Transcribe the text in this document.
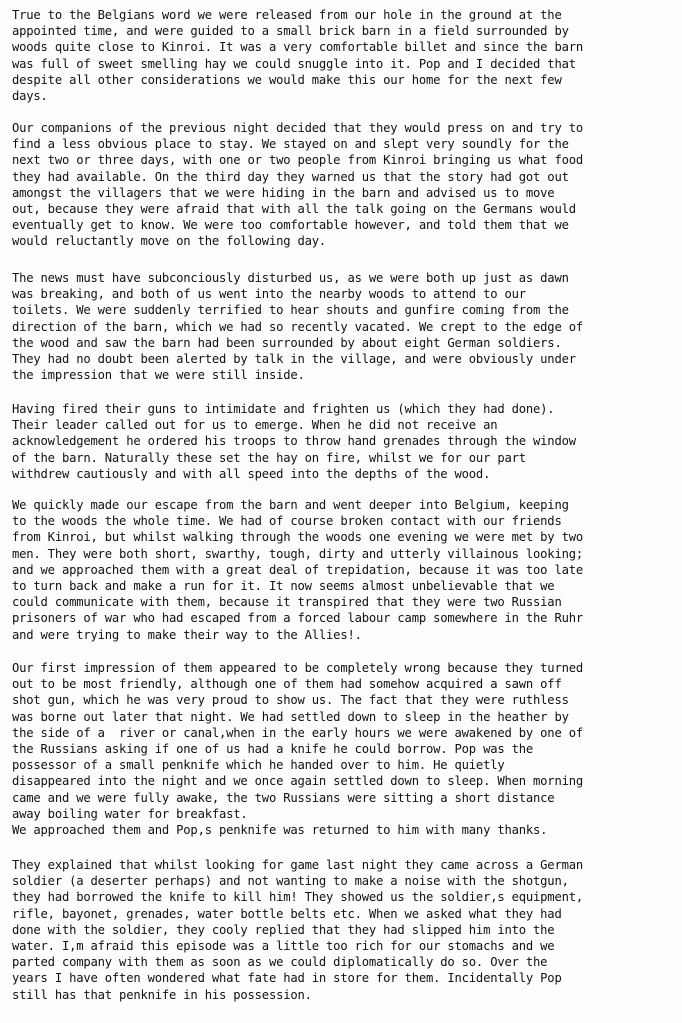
True to the Belgians word we were released from our hole in the ground at the
appointed time, and were guided to a small brick barn in a field surrounded by
woods quite close to Kinroi. It was a very comfortable billet and since the barn
was full of sweet smelling hay we could snuggle into it. Pop and I decided that
despite all other considerations we would make this our home for the next few
days.

Our companions of the previous night decided that they would press on and try to
find a less obvious place to stay. We stayed on and slept very soundly for the
next two or three days, with one or two people from Kinroi bringing us what food
they had available. On the third day they warned us that the story had got out
amongst the villagers that we were hiding in the barn and advised us to move
out, because they were afraid that with all the talk going on the Germans would
eventually get to know. We were too comfortable however, and told them that we
would reluctantly move on the following day.

The news must have subconciously disturbed us, as we were both up just as dawn
was breaking, and both of us went into the nearby woods to attend to our
toilets. We were suddenly terrified to hear shouts and gunfire coming from the
direction of the barn, which we had so recently vacated. We crept to the edge of
the wood and saw the barn had been surrounded by about eight German soldiers.
They had no doubt been alerted by talk in the village, and were obviously under
the impression that we were still inside.

Having fired their guns to intimidate and frighten us (which they had done).
Their leader called out for us to emerge. When he did not receive an
acknowledgement he ordered his troops to throw hand grenades through the window
of the barn. Naturally these set the hay on fire, whilst we for our part
withdrew cautiously and with all speed into the depths of the wood.

We quickly made our escape from the barn and went deeper into Belgium, keeping
to the woods the whole time. We had of course broken contact with our friends
from Kinroi, but whilst walking through the woods one evening we were met by two
men. They were both short, swarthy, tough, dirty and utterly villainous looking;
and we approached them with a great deal of trepidation, because it was too late
to turn back and make a run for it. It now seems almost unbelievable that we
could communicate with them, because it transpired that they were two Russian
prisoners of war who had escaped from a forced labour camp somewhere in the Ruhr
and were trying to make their way to the Allies!.

Our first impression of them appeared to be completely wrong because they turned
out to be most friendly, although one of them had somehow acquired a sawn off
shot gun, which he was very proud to show us. The fact that they were ruthless
was borne out later that night. We had settled down to sleep in the heather by
the side of a  river or canal,when in the early hours we were awakened by one of
the Russians asking if one of us had a knife he could borrow. Pop was the
possessor of a small penknife which he handed over to him. He quietly
disappeared into the night and we once again settled down to sleep. When morning
came and we were fully awake, the two Russians were sitting a short distance
away boiling water for breakfast.
We approached them and Pop,s penknife was returned to him with many thanks.

They explained that whilst looking for game last night they came across a German
soldier (a deserter perhaps) and not wanting to make a noise with the shotgun,
they had borrowed the knife to kill him! They showed us the soldier,s equipment,
rifle, bayonet, grenades, water bottle belts etc. When we asked what they had
done with the soldier, they cooly replied that they had slipped him into the
water. I,m afraid this episode was a little too rich for our stomachs and we
parted company with them as soon as we could diplomatically do so. Over the
years I have often wondered what fate had in store for them. Incidentally Pop
still has that penknife in his possession.
